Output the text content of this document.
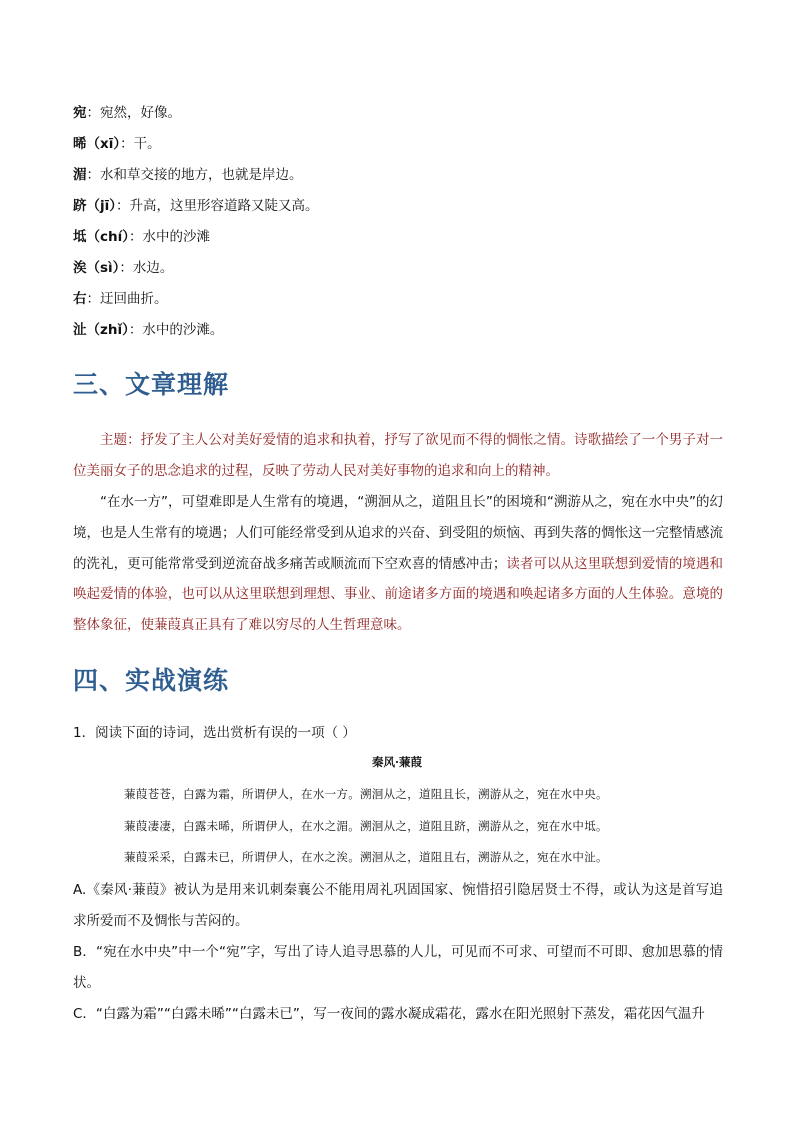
宛：宛然，好像。
晞（xī）：干。
湄：水和草交接的地方，也就是岸边。
跻（jī）：升高，这里形容道路又陡又高。
坻（chí）：水中的沙滩
涘（sì）：水边。
右：迂回曲折。
沚（zhǐ）：水中的沙滩。
三、文章理解
主题：抒发了主人公对美好爱情的追求和执着，抒写了欲见而不得的惆怅之情。诗歌描绘了一个男子对一位美丽女子的思念追求的过程，反映了劳动人民对美好事物的追求和向上的精神。
“在水一方”，可望难即是人生常有的境遇，“溯洄从之，道阻且长”的困境和“溯游从之，宛在水中央”的幻境，也是人生常有的境遇；人们可能经常受到从追求的兴奋、到受阻的烦恼、再到失落的惆怅这一完整情感流的洗礼，更可能常常受到逆流奋战多痛苦或顺流而下空欢喜的情感冲击；读者可以从这里联想到爱情的境遇和唤起爱情的体验，也可以从这里联想到理想、事业、前途诸多方面的境遇和唤起诸多方面的人生体验。意境的整体象征，使蒹葭真正具有了难以穷尽的人生哲理意味。
四、实战演练
1．阅读下面的诗词，选出赏析有误的一项（ ）
秦风·蒹葭
蒹葭苍苍，白露为霜，所谓伊人，在水一方。溯洄从之，道阻且长，溯游从之，宛在水中央。
蒹葭凄凄，白露未晞，所谓伊人，在水之湄。溯洄从之，道阻且跻，溯游从之，宛在水中坻。
蒹葭采采，白露未已，所谓伊人，在水之涘。溯洄从之，道阻且右，溯游从之，宛在水中沚。
A.《秦风·蒹葭》被认为是用来讥刺秦襄公不能用周礼巩固国家、惋惜招引隐居贤士不得，或认为这是首写追求所爱而不及惆怅与苦闷的。
B．“宛在水中央”中一个“宛”字，写出了诗人追寻思慕的人儿，可见而不可求、可望而不可即、愈加思慕的情状。
C．“白露为霜”“白露未晞”“白露未已”，写一夜间的露水凝成霜花，露水在阳光照射下蒸发，霜花因气温升
